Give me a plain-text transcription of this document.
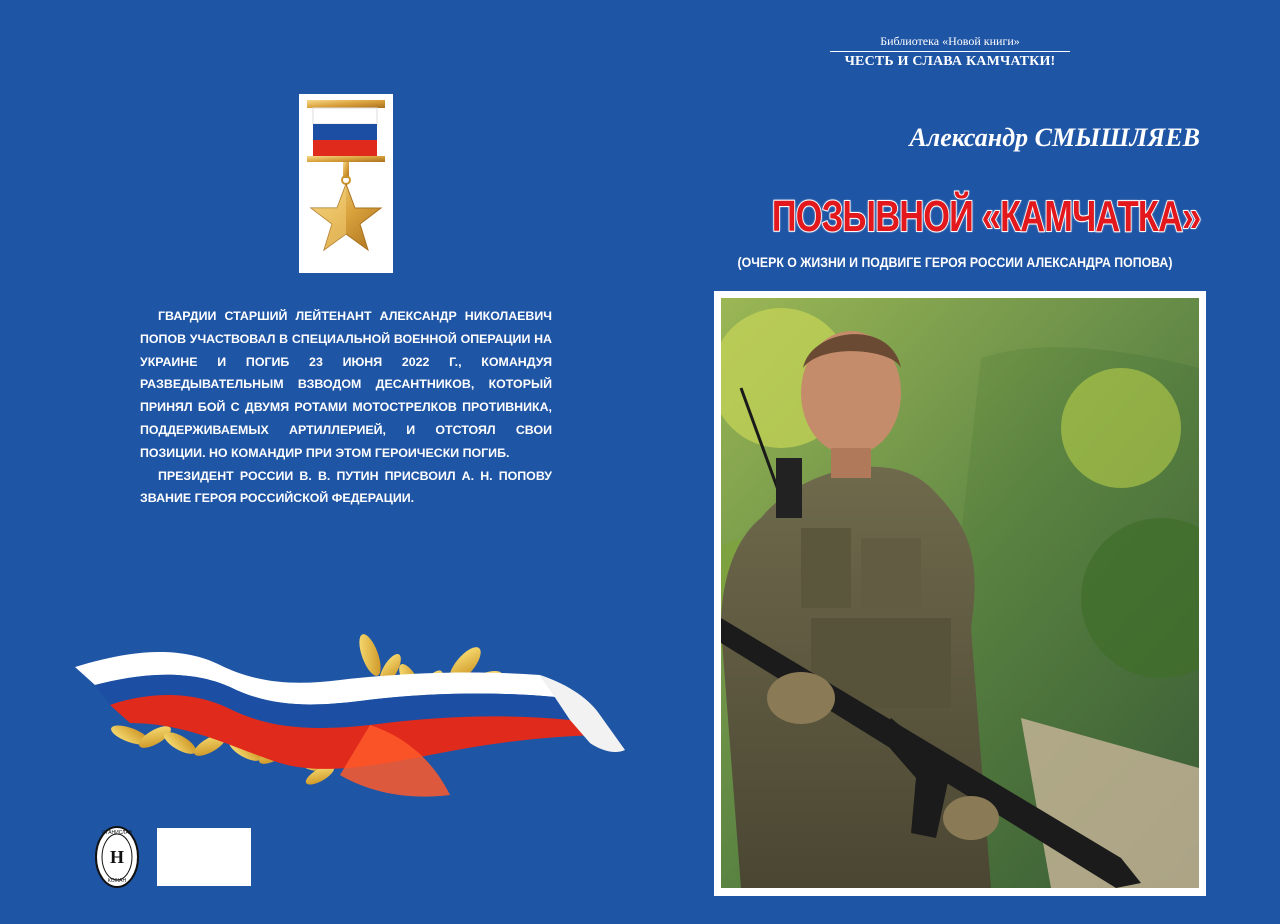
ГВАРДИИ СТАРШИЙ ЛЕЙТЕНАНТ АЛЕКСАНДР НИКОЛАЕВИЧ ПОПОВ УЧАСТВОВАЛ В СПЕЦИАЛЬНОЙ ВОЕННОЙ ОПЕРАЦИИ НА УКРАИНЕ И ПОГИБ 23 ИЮНЯ 2022 Г., КОМАНДУЯ РАЗВЕДЫВАТЕЛЬНЫМ ВЗВОДОМ ДЕСАНТНИКОВ, КОТОРЫЙ ПРИНЯЛ БОЙ С ДВУМЯ РОТАМИ МОТОСТРЕЛКОВ ПРОТИВНИКА, ПОДДЕРЖИВАЕМЫХ АРТИЛЛЕРИЕЙ, И ОТСТОЯЛ СВОИ ПОЗИЦИИ. НО КОМАНДИР ПРИ ЭТОМ ГЕРОИЧЕСКИ ПОГИБ.

ПРЕЗИДЕНТ РОССИИ В. В. ПУТИН ПРИСВОИЛ А. Н. ПОПОВУ ЗВАНИЕ ГЕРОЯ РОССИЙСКОЙ ФЕДЕРАЦИИ.

Н
СТАНИСЛАВ
КОЖАН
Библиотека «Новой книги»
ЧЕСТЬ И СЛАВА КАМЧАТКИ!
Александр СМЫШЛЯЕВ
ПОЗЫВНОЙ «КАМЧАТКА»
(ОЧЕРК О ЖИЗНИ И ПОДВИГЕ ГЕРОЯ РОССИИ АЛЕКСАНДРА ПОПОВА)
